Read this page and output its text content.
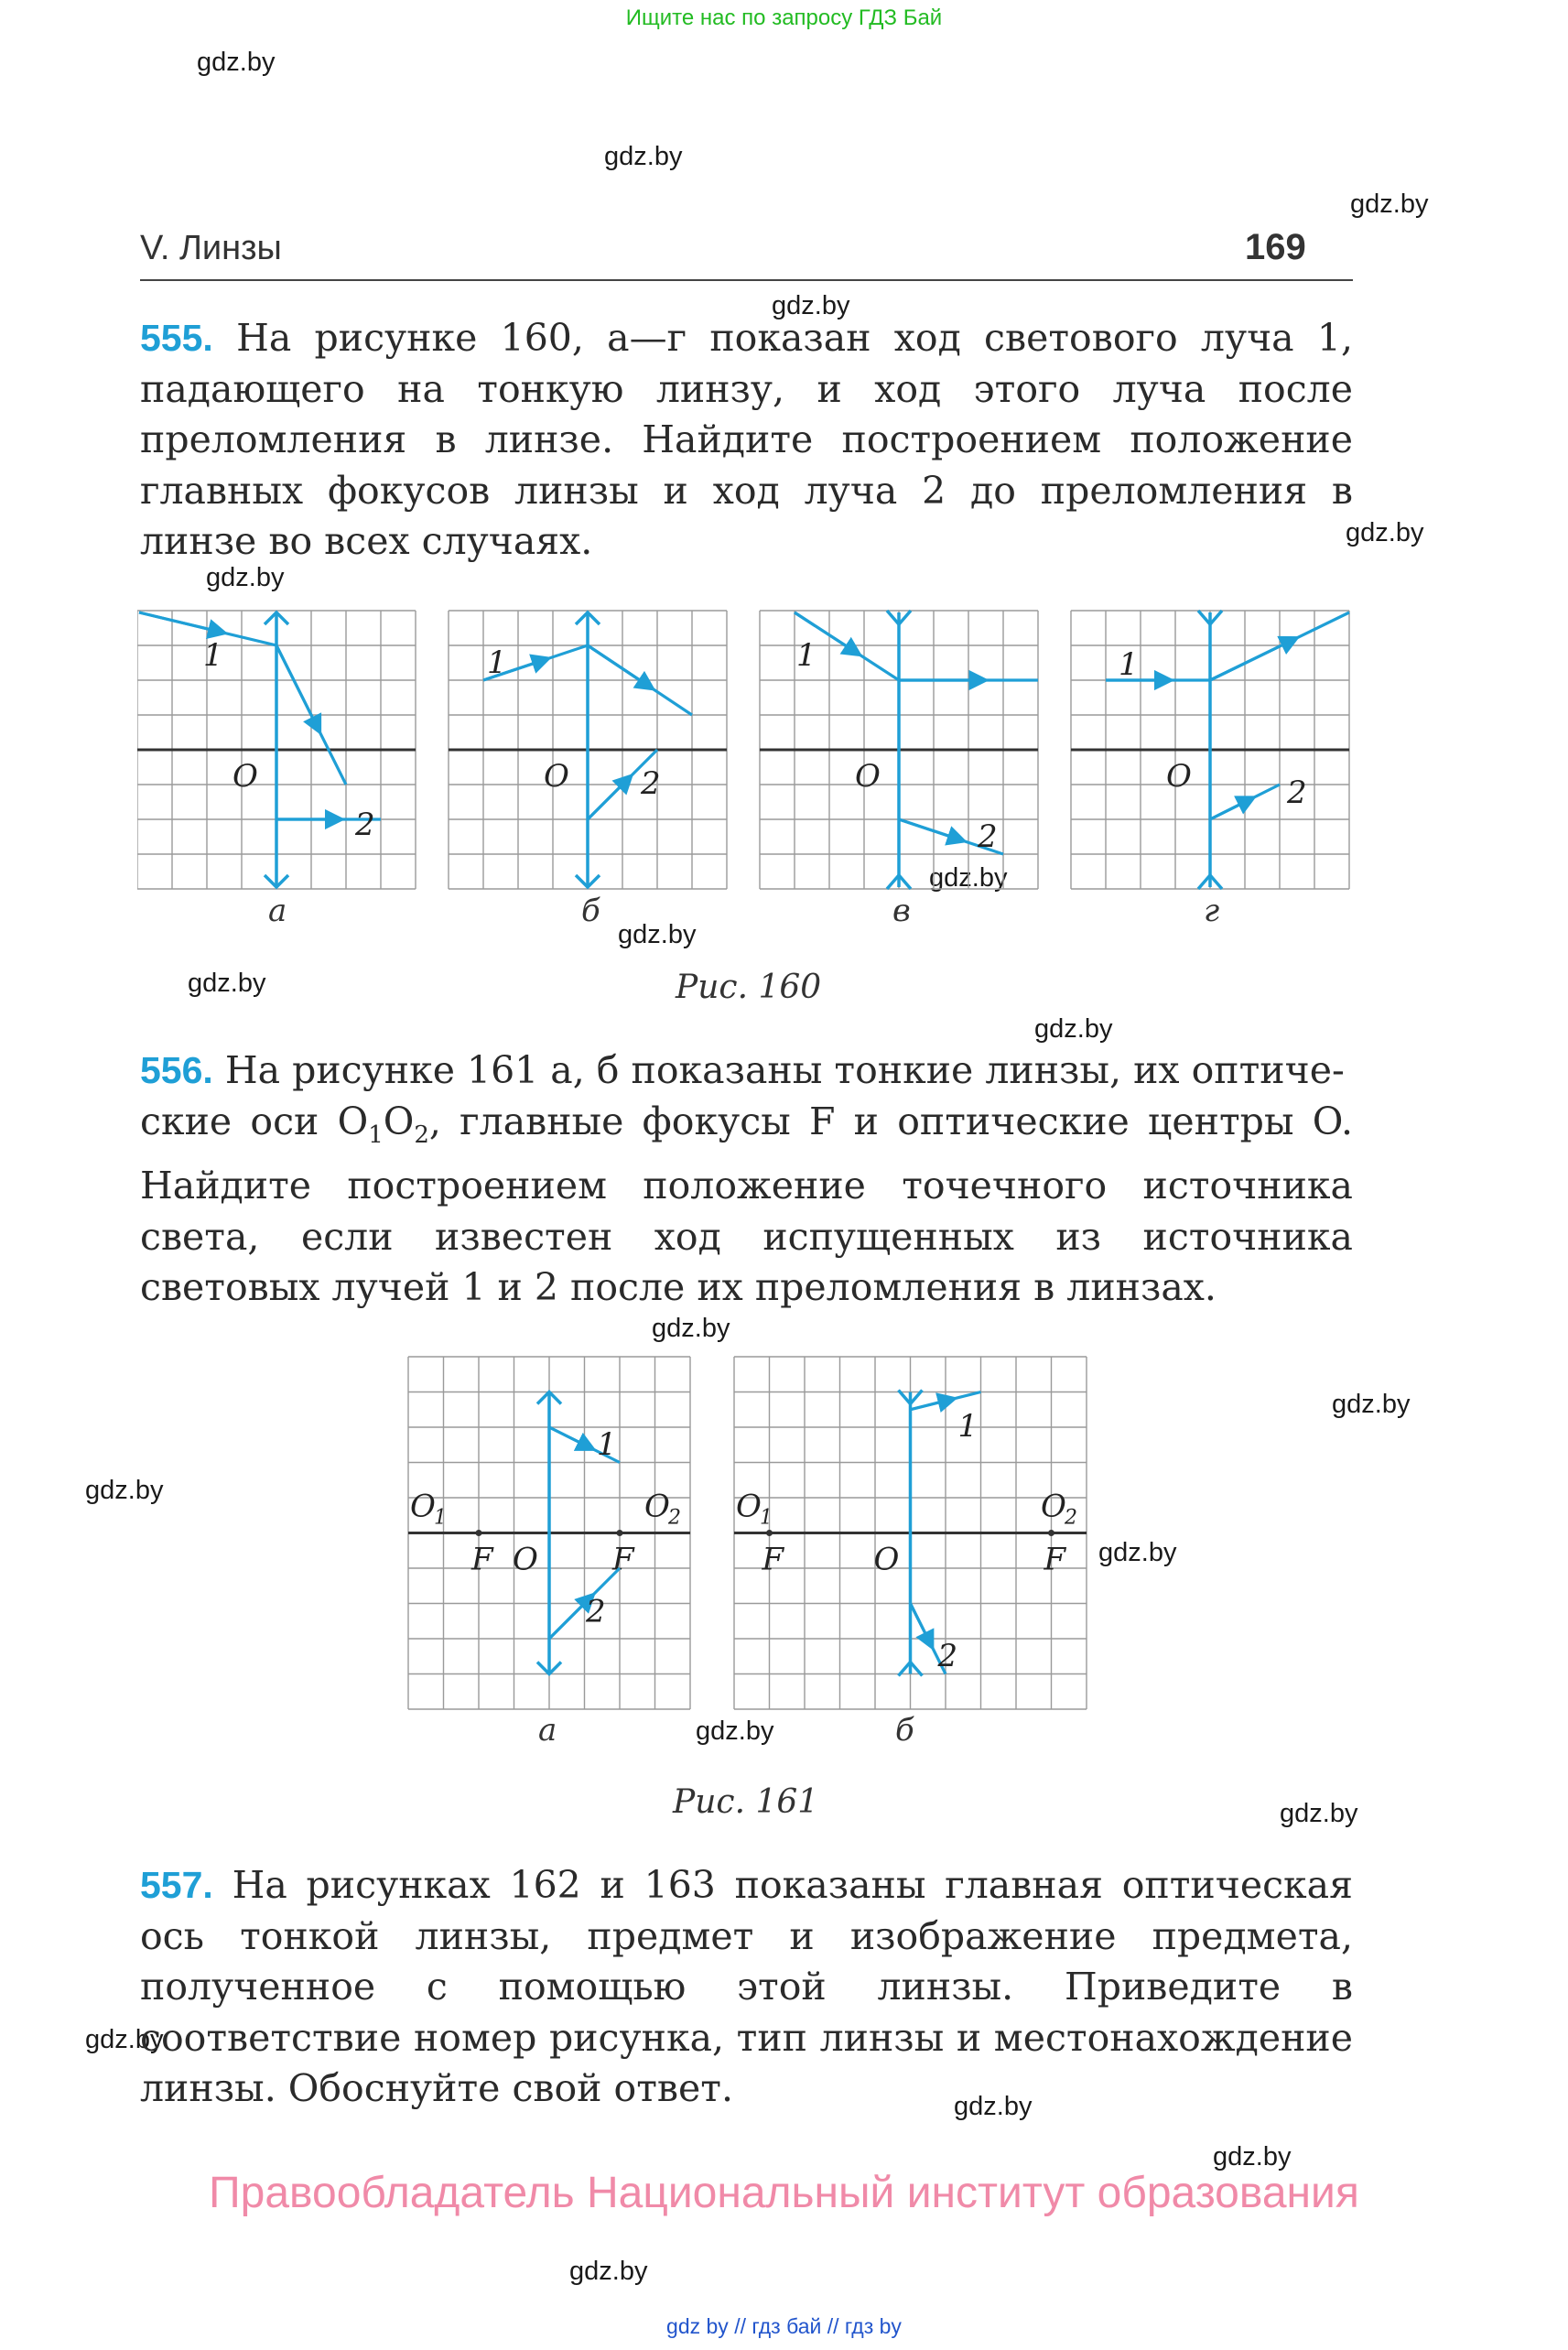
Ищите нас по запросу ГДЗ Бай
gdz.by
gdz.by
gdz.by
gdz.by
gdz.by
gdz.by
gdz.by
gdz.by
gdz.by
gdz.by
gdz.by
gdz.by
gdz.by
gdz.by
gdz.by
gdz.by
gdz.by
gdz.by
gdz.by
gdz.by
V. Линзы	169

555. На рисунке 160, а—г показан ход светового луча 1, падающего на тонкую линзу, и ход этого луча после преломления в линзе. Найдите построением положение главных фокусов линзы и ход луча 2 до преломления в линзе во всех случаях.

O
1
2
O
1
2	O
1
2
O
1
2
а	б	в	г
Рис. 160

556. На рисунке 161 а, б показаны тонкие линзы, их оптиче-
ские оси $O_1O_2$, главные фокусы F и оптические центры O. Найдите построением положение точечного источника света, если известен ход испущенных из источника световых лучей 1 и 2 после их преломления в линзах.

O
F	F
O
1	O
2
1
2
O
F	F
O
1	O
2
1
2
а	б
Рис. 161

557. На рисунках 162 и 163 показаны главная оптическая ось тонкой линзы, предмет и изображение предмета, полученное с помощью этой линзы. Приведите в соответствие номер рисунка, тип линзы и местонахождение линзы. Обоснуйте свой ответ.

Правообладатель Национальный институт образования
gdz by // гдз бай // гдз by
